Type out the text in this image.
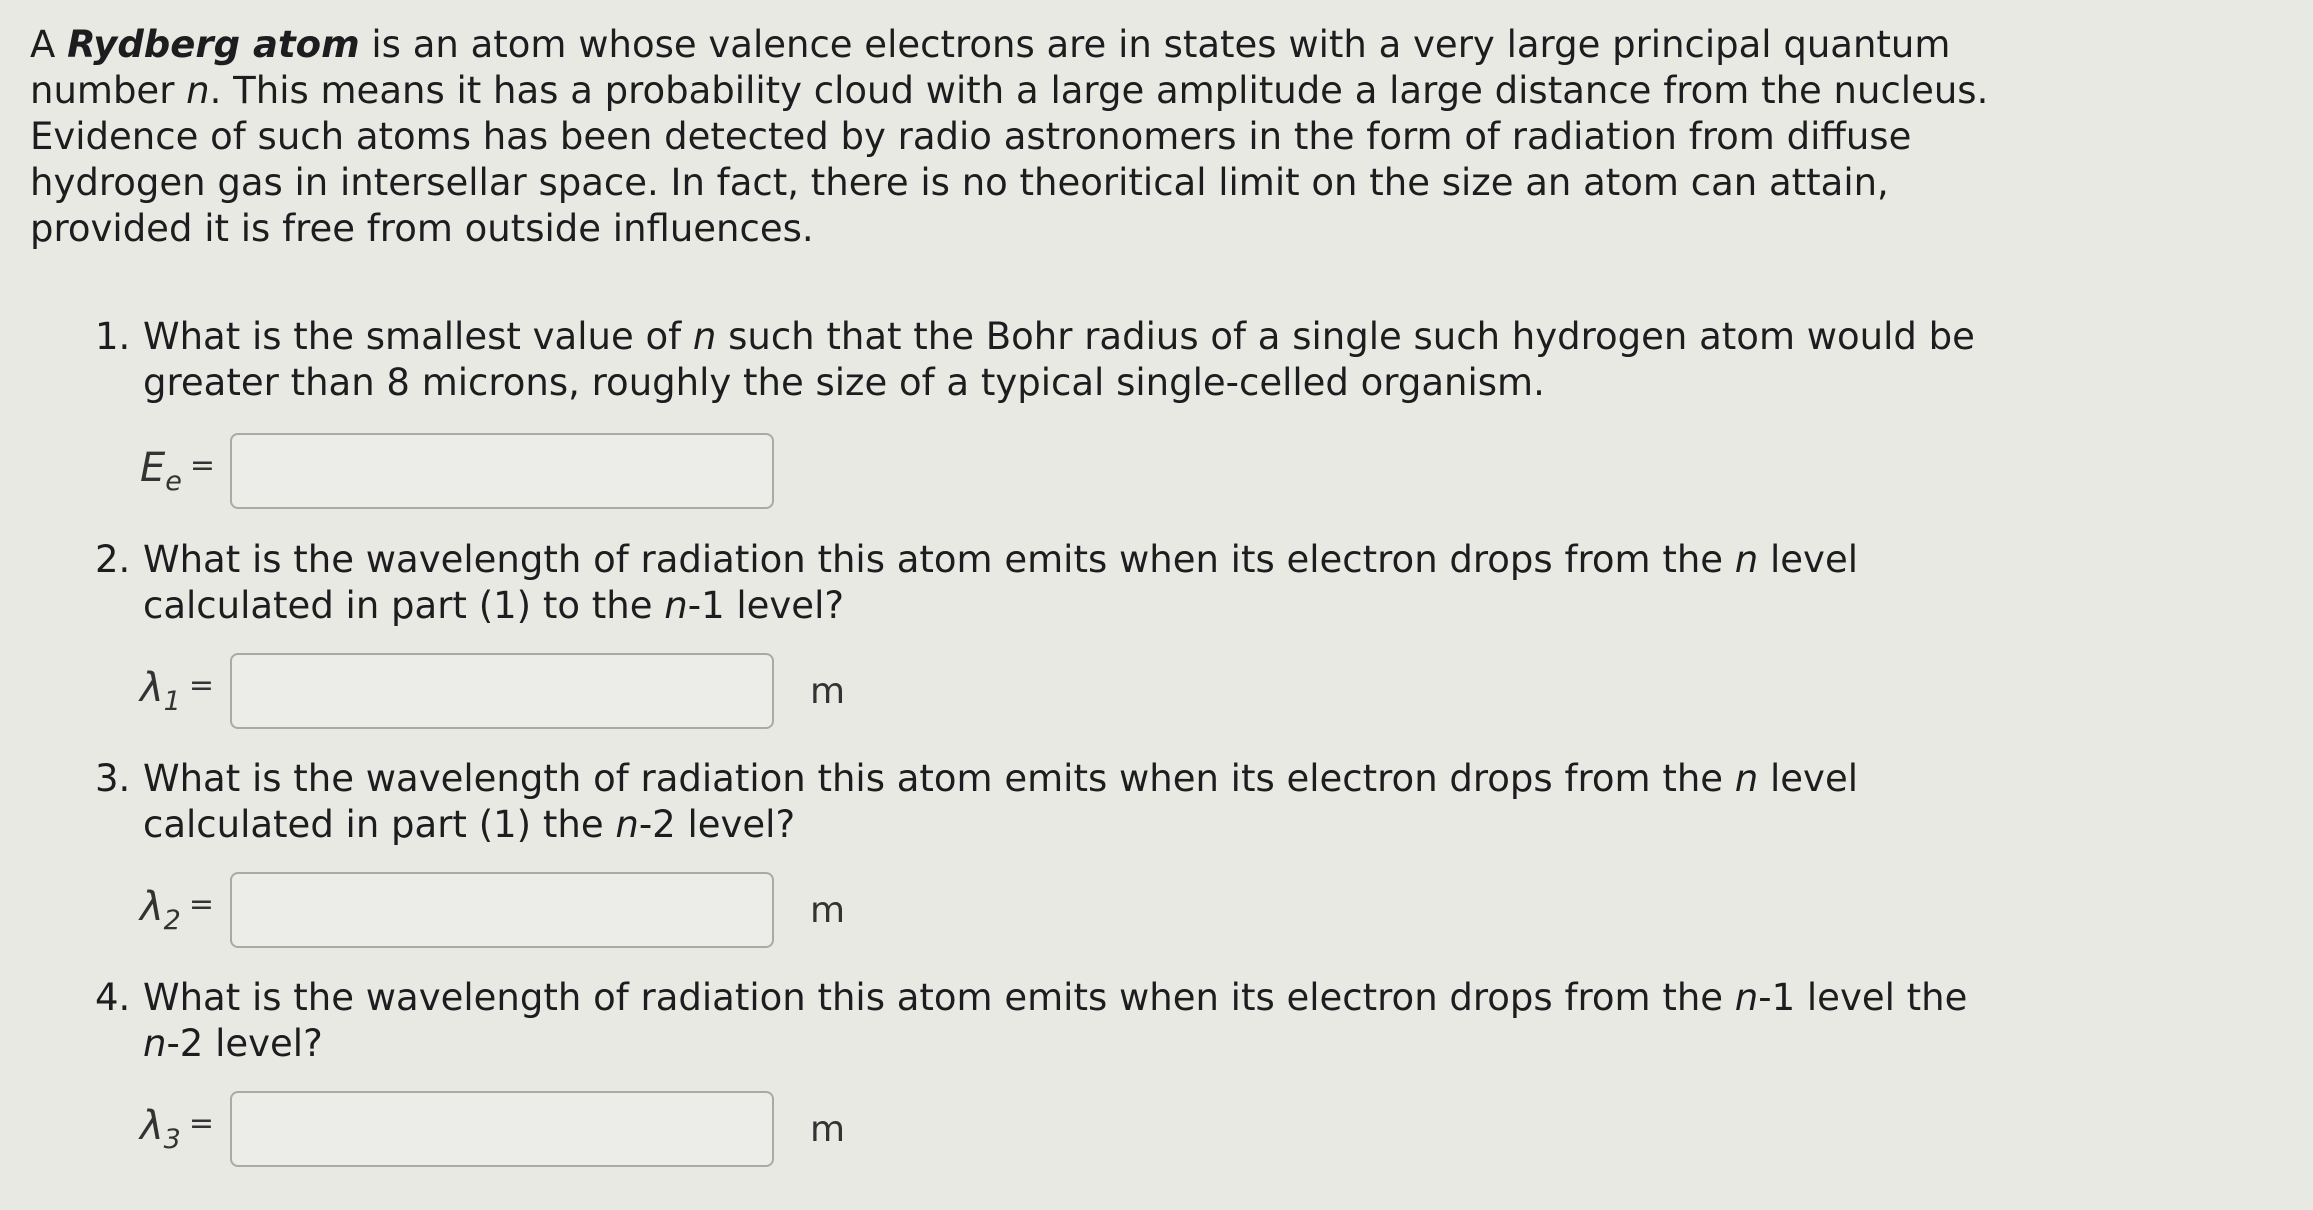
A Rydberg atom is an atom whose valence electrons are in states with a very large principal quantum number n. This means it has a probability cloud with a large amplitude a large distance from the nucleus. Evidence of such atoms has been detected by radio astronomers in the form of radiation from diffuse hydrogen gas in intersellar space. In fact, there is no theoritical limit on the size an atom can attain, provided it is free from outside influences.

1. What is the smallest value of n such that the Bohr radius of a single such hydrogen atom would be greater than 8 microns, roughly the size of a typical single-celled organism.
$E_e$ =
2. What is the wavelength of radiation this atom emits when its electron drops from the n level calculated in part (1) to the n-1 level?
$\lambda_1$ =	m
3. What is the wavelength of radiation this atom emits when its electron drops from the n level calculated in part (1) the n-2 level?
$\lambda_2$ =	m
4. What is the wavelength of radiation this atom emits when its electron drops from the n-1 level the n-2 level?
$\lambda_3$ =	m
